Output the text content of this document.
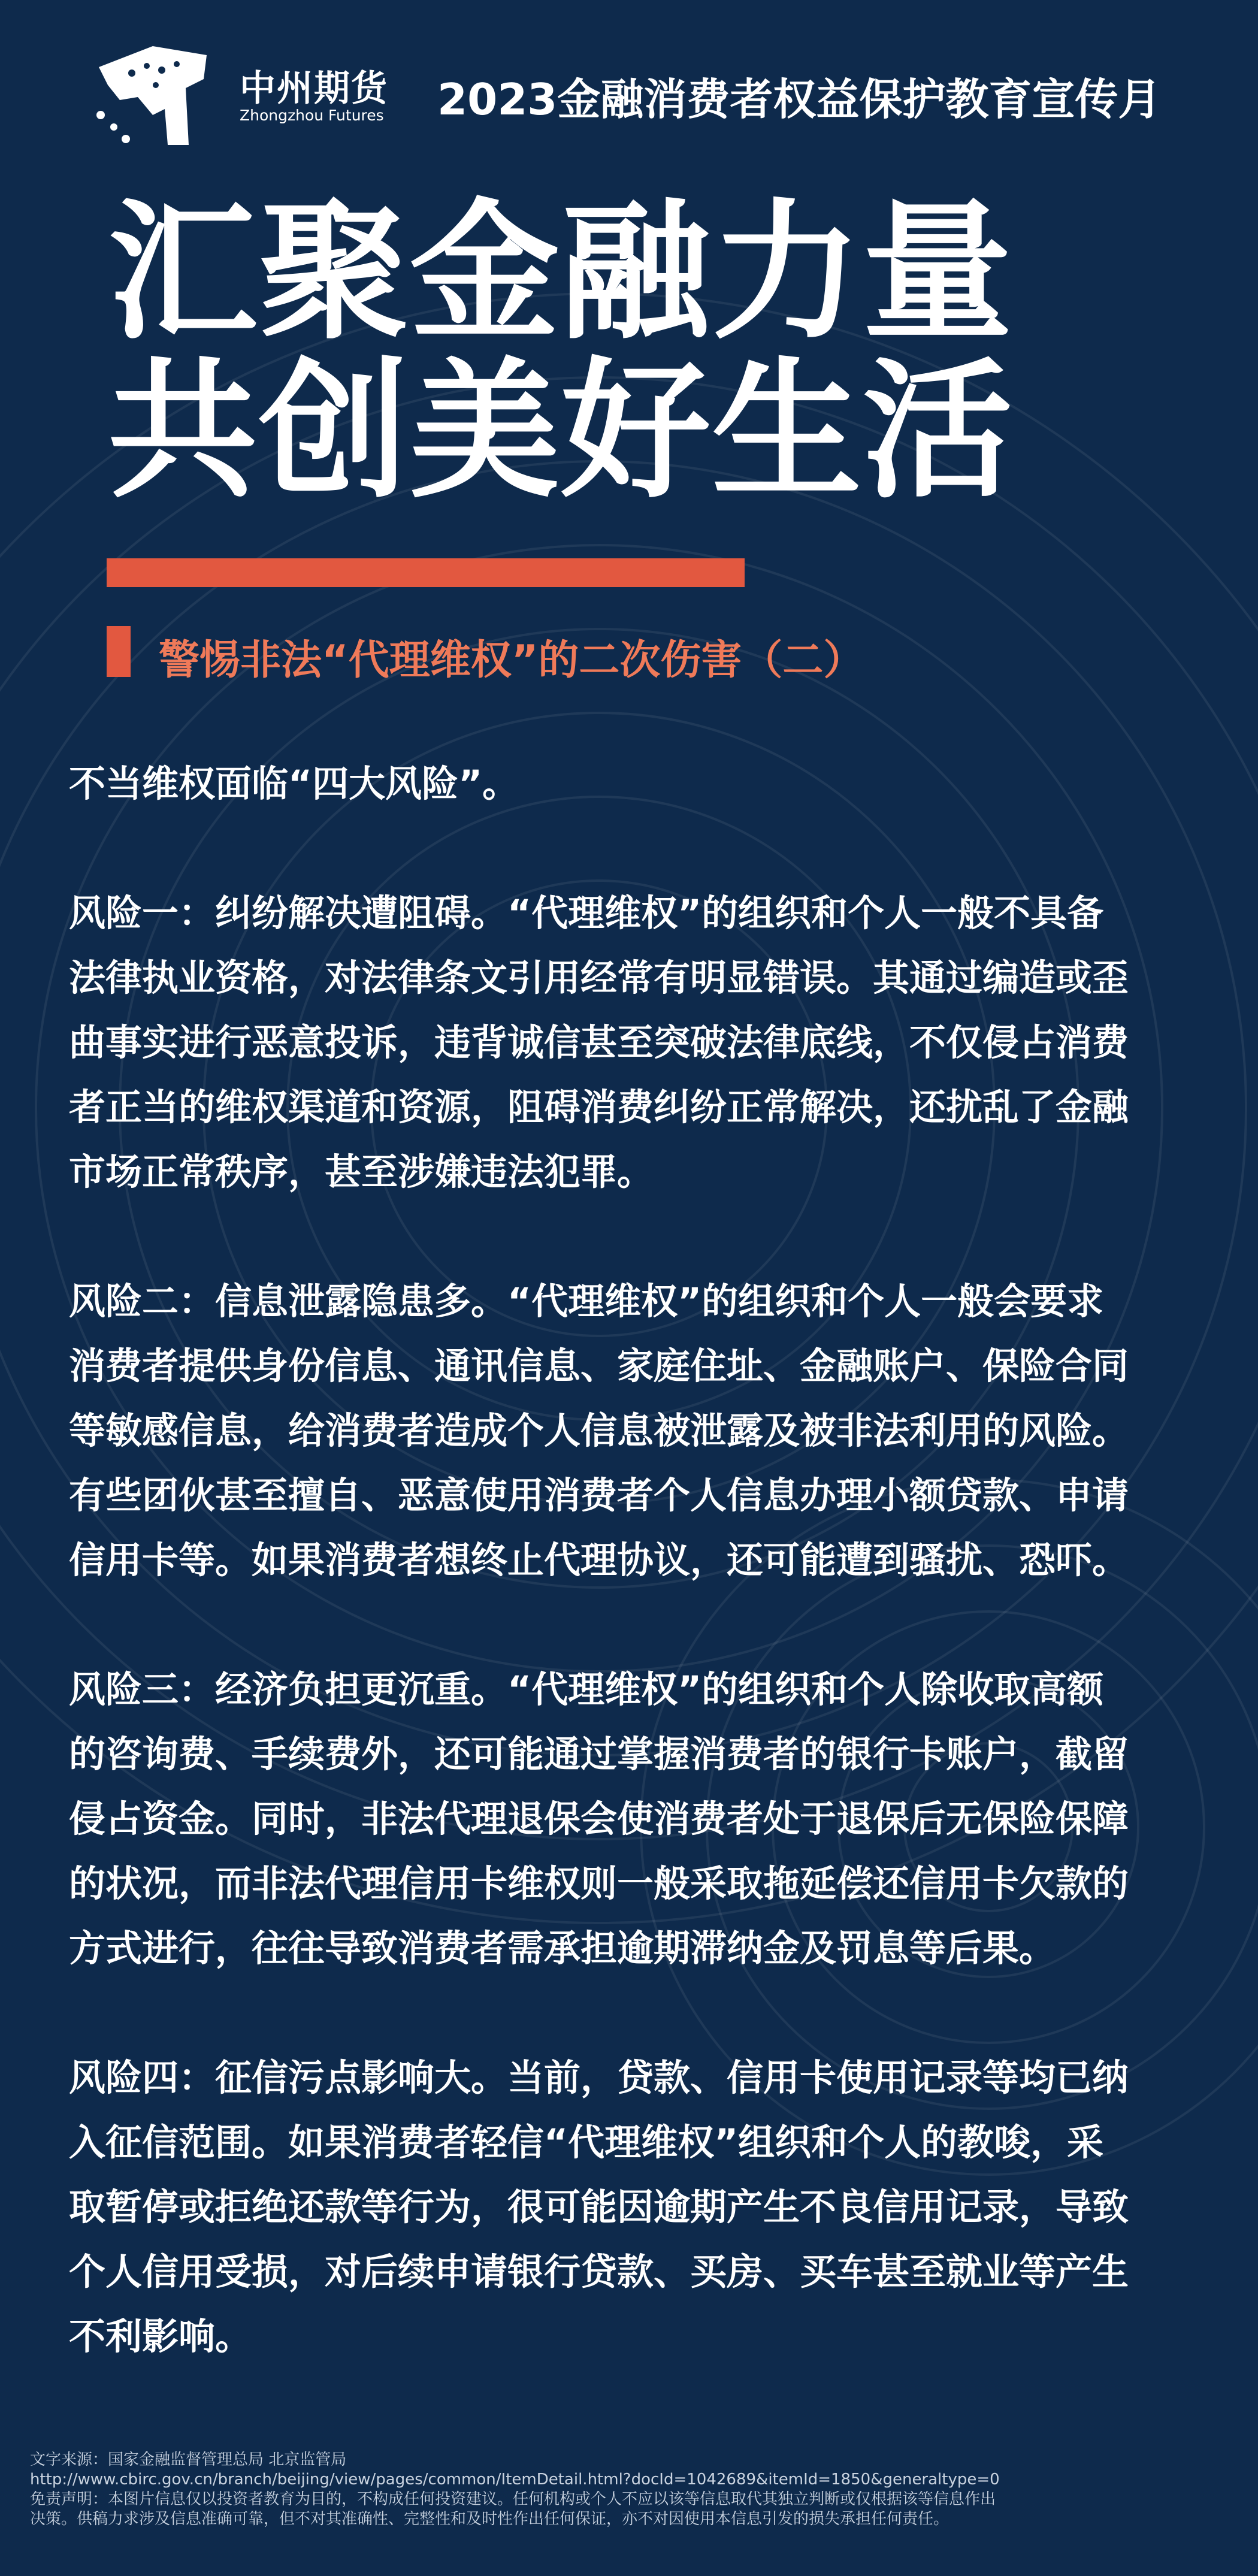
中州期货
Zhongzhou Futures 2023金融消费者权益保护教育宣传月
汇聚金融力量
共创美好生活
警惕非法“代理维权”的二次伤害（二）
不当维权面临“四大风险”。
风险一：纠纷解决遭阻碍。“代理维权”的组织和个人一般不具备
法律执业资格，对法律条文引用经常有明显错误。其通过编造或歪
曲事实进行恶意投诉，违背诚信甚至突破法律底线，不仅侵占消费
者正当的维权渠道和资源，阻碍消费纠纷正常解决，还扰乱了金融
市场正常秩序，甚至涉嫌违法犯罪。
风险二：信息泄露隐患多。“代理维权”的组织和个人一般会要求
消费者提供身份信息、通讯信息、家庭住址、金融账户、保险合同
等敏感信息，给消费者造成个人信息被泄露及被非法利用的风险。
有些团伙甚至擅自、恶意使用消费者个人信息办理小额贷款、申请
信用卡等。如果消费者想终止代理协议，还可能遭到骚扰、恐吓。
风险三：经济负担更沉重。“代理维权”的组织和个人除收取高额
的咨询费、手续费外，还可能通过掌握消费者的银行卡账户，截留
侵占资金。同时，非法代理退保会使消费者处于退保后无保险保障
的状况，而非法代理信用卡维权则一般采取拖延偿还信用卡欠款的
方式进行，往往导致消费者需承担逾期滞纳金及罚息等后果。
风险四：征信污点影响大。当前，贷款、信用卡使用记录等均已纳
入征信范围。如果消费者轻信“代理维权”组织和个人的教唆，采
取暂停或拒绝还款等行为，很可能因逾期产生不良信用记录，导致
个人信用受损，对后续申请银行贷款、买房、买车甚至就业等产生
不利影响。
文字来源：国家金融监督管理总局 北京监管局
http://www.cbirc.gov.cn/branch/beijing/view/pages/common/ItemDetail.html?docId=1042689&itemId=1850&generaltype=0
免责声明：本图片信息仅以投资者教育为目的，不构成任何投资建议。任何机构或个人不应以该等信息取代其独立判断或仅根据该等信息作出
决策。供稿力求涉及信息准确可靠，但不对其准确性、完整性和及时性作出任何保证，亦不对因使用本信息引发的损失承担任何责任。
